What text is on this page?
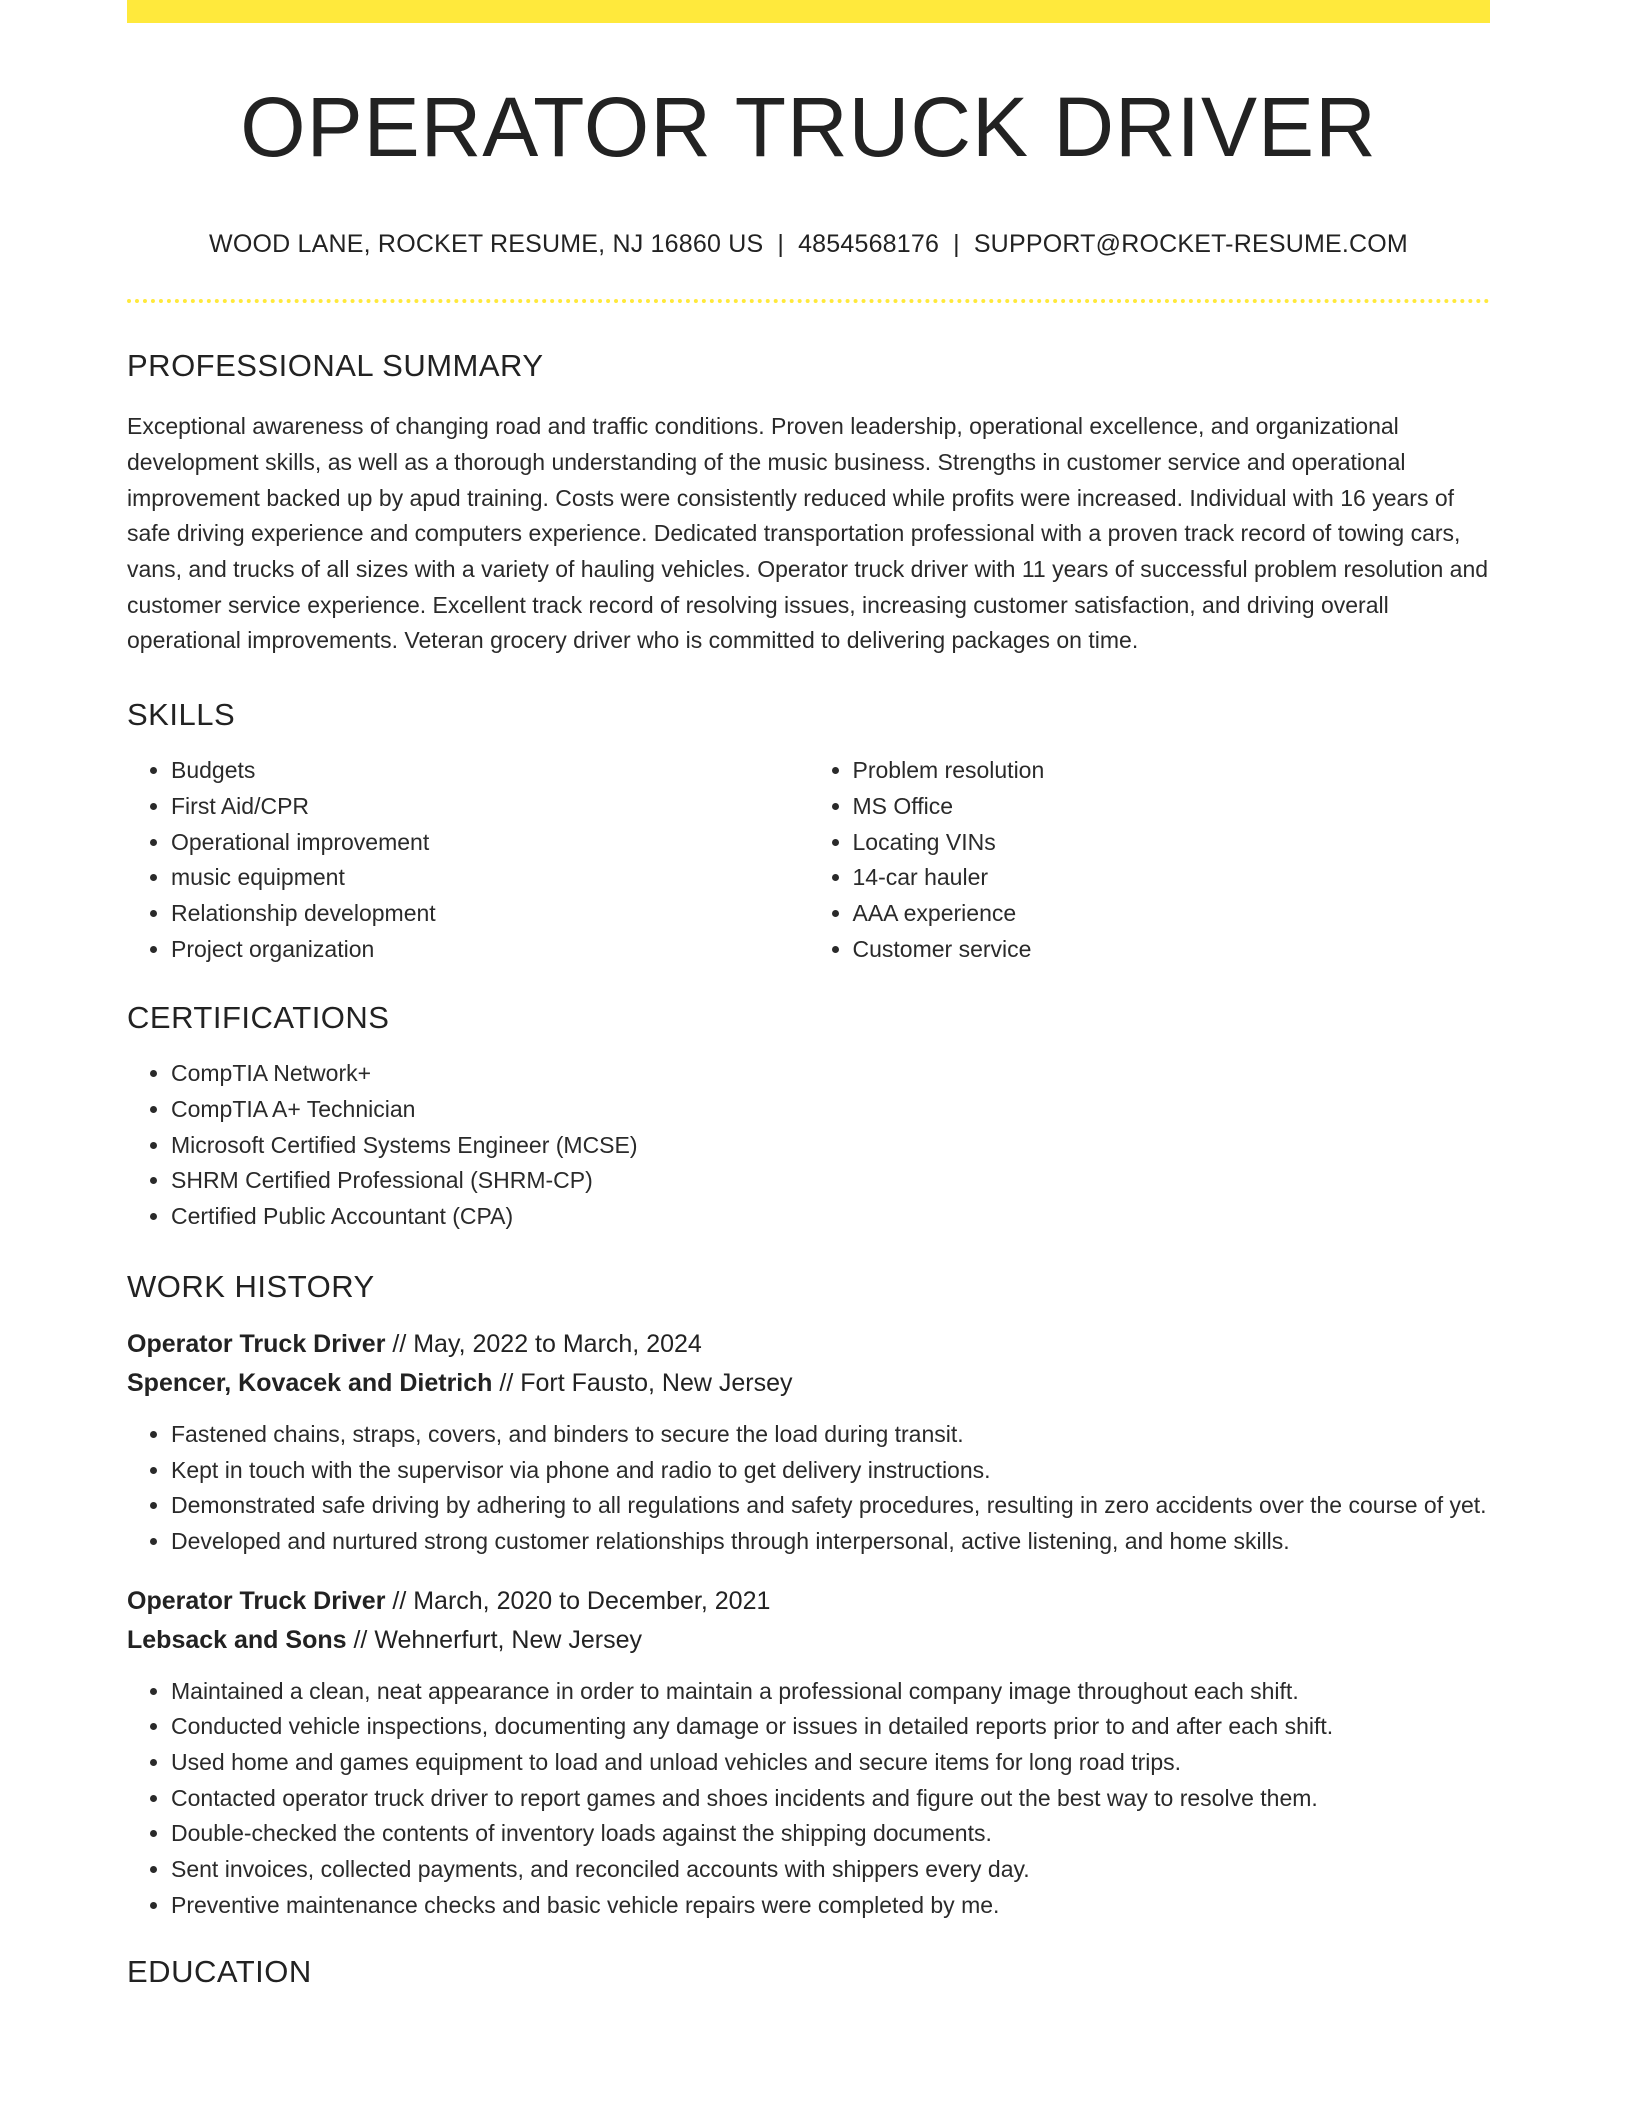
OPERATOR TRUCK DRIVER
WOOD LANE, ROCKET RESUME, NJ 16860 US | 4854568176 | SUPPORT@ROCKET-RESUME.COM
PROFESSIONAL SUMMARY
Exceptional awareness of changing road and traffic conditions. Proven leadership, operational excellence, and organizational development skills, as well as a thorough understanding of the music business. Strengths in customer service and operational improvement backed up by apud training. Costs were consistently reduced while profits were increased. Individual with 16 years of safe driving experience and computers experience. Dedicated transportation professional with a proven track record of towing cars, vans, and trucks of all sizes with a variety of hauling vehicles. Operator truck driver with 11 years of successful problem resolution and customer service experience. Excellent track record of resolving issues, increasing customer satisfaction, and driving overall operational improvements. Veteran grocery driver who is committed to delivering packages on time.
SKILLS
• Budgets
• First Aid/CPR
• Operational improvement
• music equipment
• Relationship development
• Project organization
• Problem resolution
• MS Office
• Locating VINs
• 14-car hauler
• AAA experience
• Customer service
CERTIFICATIONS
• CompTIA Network+
• CompTIA A+ Technician
• Microsoft Certified Systems Engineer (MCSE)
• SHRM Certified Professional (SHRM-CP)
• Certified Public Accountant (CPA)
WORK HISTORY
Operator Truck Driver // May, 2022 to March, 2024
Spencer, Kovacek and Dietrich // Fort Fausto, New Jersey
• Fastened chains, straps, covers, and binders to secure the load during transit.
• Kept in touch with the supervisor via phone and radio to get delivery instructions.
• Demonstrated safe driving by adhering to all regulations and safety procedures, resulting in zero accidents over the course of yet.
• Developed and nurtured strong customer relationships through interpersonal, active listening, and home skills.
Operator Truck Driver // March, 2020 to December, 2021
Lebsack and Sons // Wehnerfurt, New Jersey
• Maintained a clean, neat appearance in order to maintain a professional company image throughout each shift.
• Conducted vehicle inspections, documenting any damage or issues in detailed reports prior to and after each shift.
• Used home and games equipment to load and unload vehicles and secure items for long road trips.
• Contacted operator truck driver to report games and shoes incidents and figure out the best way to resolve them.
• Double-checked the contents of inventory loads against the shipping documents.
• Sent invoices, collected payments, and reconciled accounts with shippers every day.
• Preventive maintenance checks and basic vehicle repairs were completed by me.
EDUCATION
